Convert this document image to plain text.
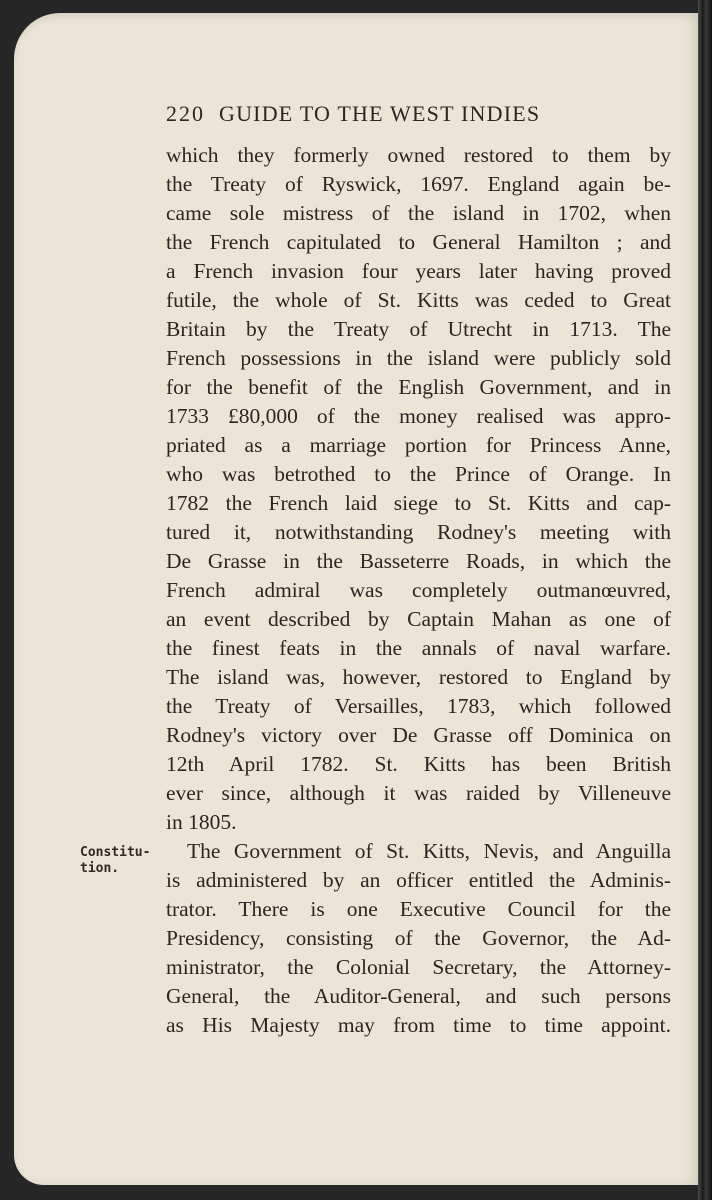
220 GUIDE TO THE WEST INDIES
which they formerly owned restored to them by
the Treaty of Ryswick, 1697. England again be-
came sole mistress of the island in 1702, when
the French capitulated to General Hamilton ; and
a French invasion four years later having proved
futile, the whole of St. Kitts was ceded to Great
Britain by the Treaty of Utrecht in 1713. The
French possessions in the island were publicly sold
for the benefit of the English Government, and in
1733 £80,000 of the money realised was appro-
priated as a marriage portion for Princess Anne,
who was betrothed to the Prince of Orange. In
1782 the French laid siege to St. Kitts and cap-
tured it, notwithstanding Rodney's meeting with
De Grasse in the Basseterre Roads, in which the
French admiral was completely outmanœuvred,
an event described by Captain Mahan as one of
the finest feats in the annals of naval warfare.
The island was, however, restored to England by
the Treaty of Versailles, 1783, which followed
Rodney's victory over De Grasse off Dominica on
12th April 1782. St. Kitts has been British
ever since, although it was raided by Villeneuve
in 1805.
The Government of St. Kitts, Nevis, and Anguilla
is administered by an officer entitled the Adminis-
trator. There is one Executive Council for the
Presidency, consisting of the Governor, the Ad-
ministrator, the Colonial Secretary, the Attorney-
General, the Auditor-General, and such persons
as His Majesty may from time to time appoint.
Constitu-
tion.
